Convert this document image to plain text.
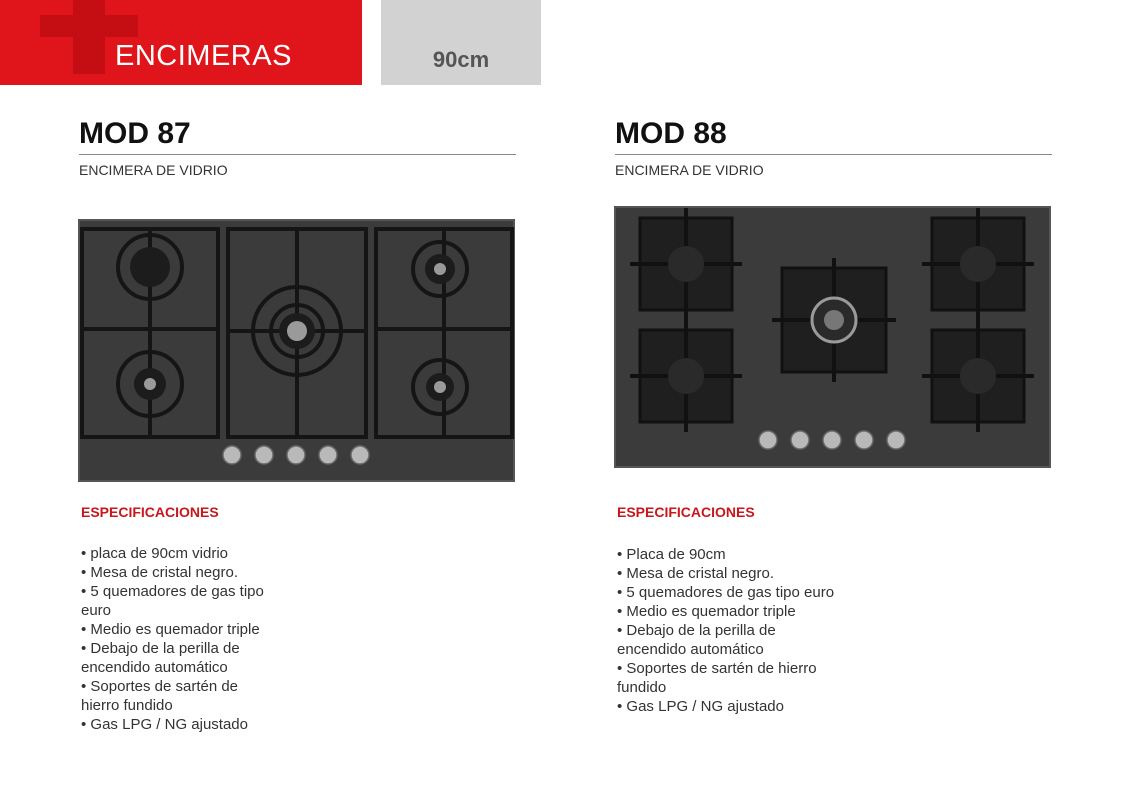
ENCIMERAS	90cm
MOD 87
ENCIMERA DE VIDRIO
ESPECIFICACIONES
• placa de 90cm vidrio
• Mesa de cristal negro.
• 5 quemadores de gas tipo
euro
• Medio es quemador triple
• Debajo de la perilla de
encendido automático
• Soportes de sartén de
hierro fundido
• Gas LPG / NG ajustado
MOD 88
ENCIMERA DE VIDRIO
ESPECIFICACIONES
• Placa de 90cm
• Mesa de cristal negro.
• 5 quemadores de gas tipo euro
• Medio es quemador triple
• Debajo de la perilla de
encendido automático
• Soportes de sartén de hierro
fundido
• Gas LPG / NG ajustado
